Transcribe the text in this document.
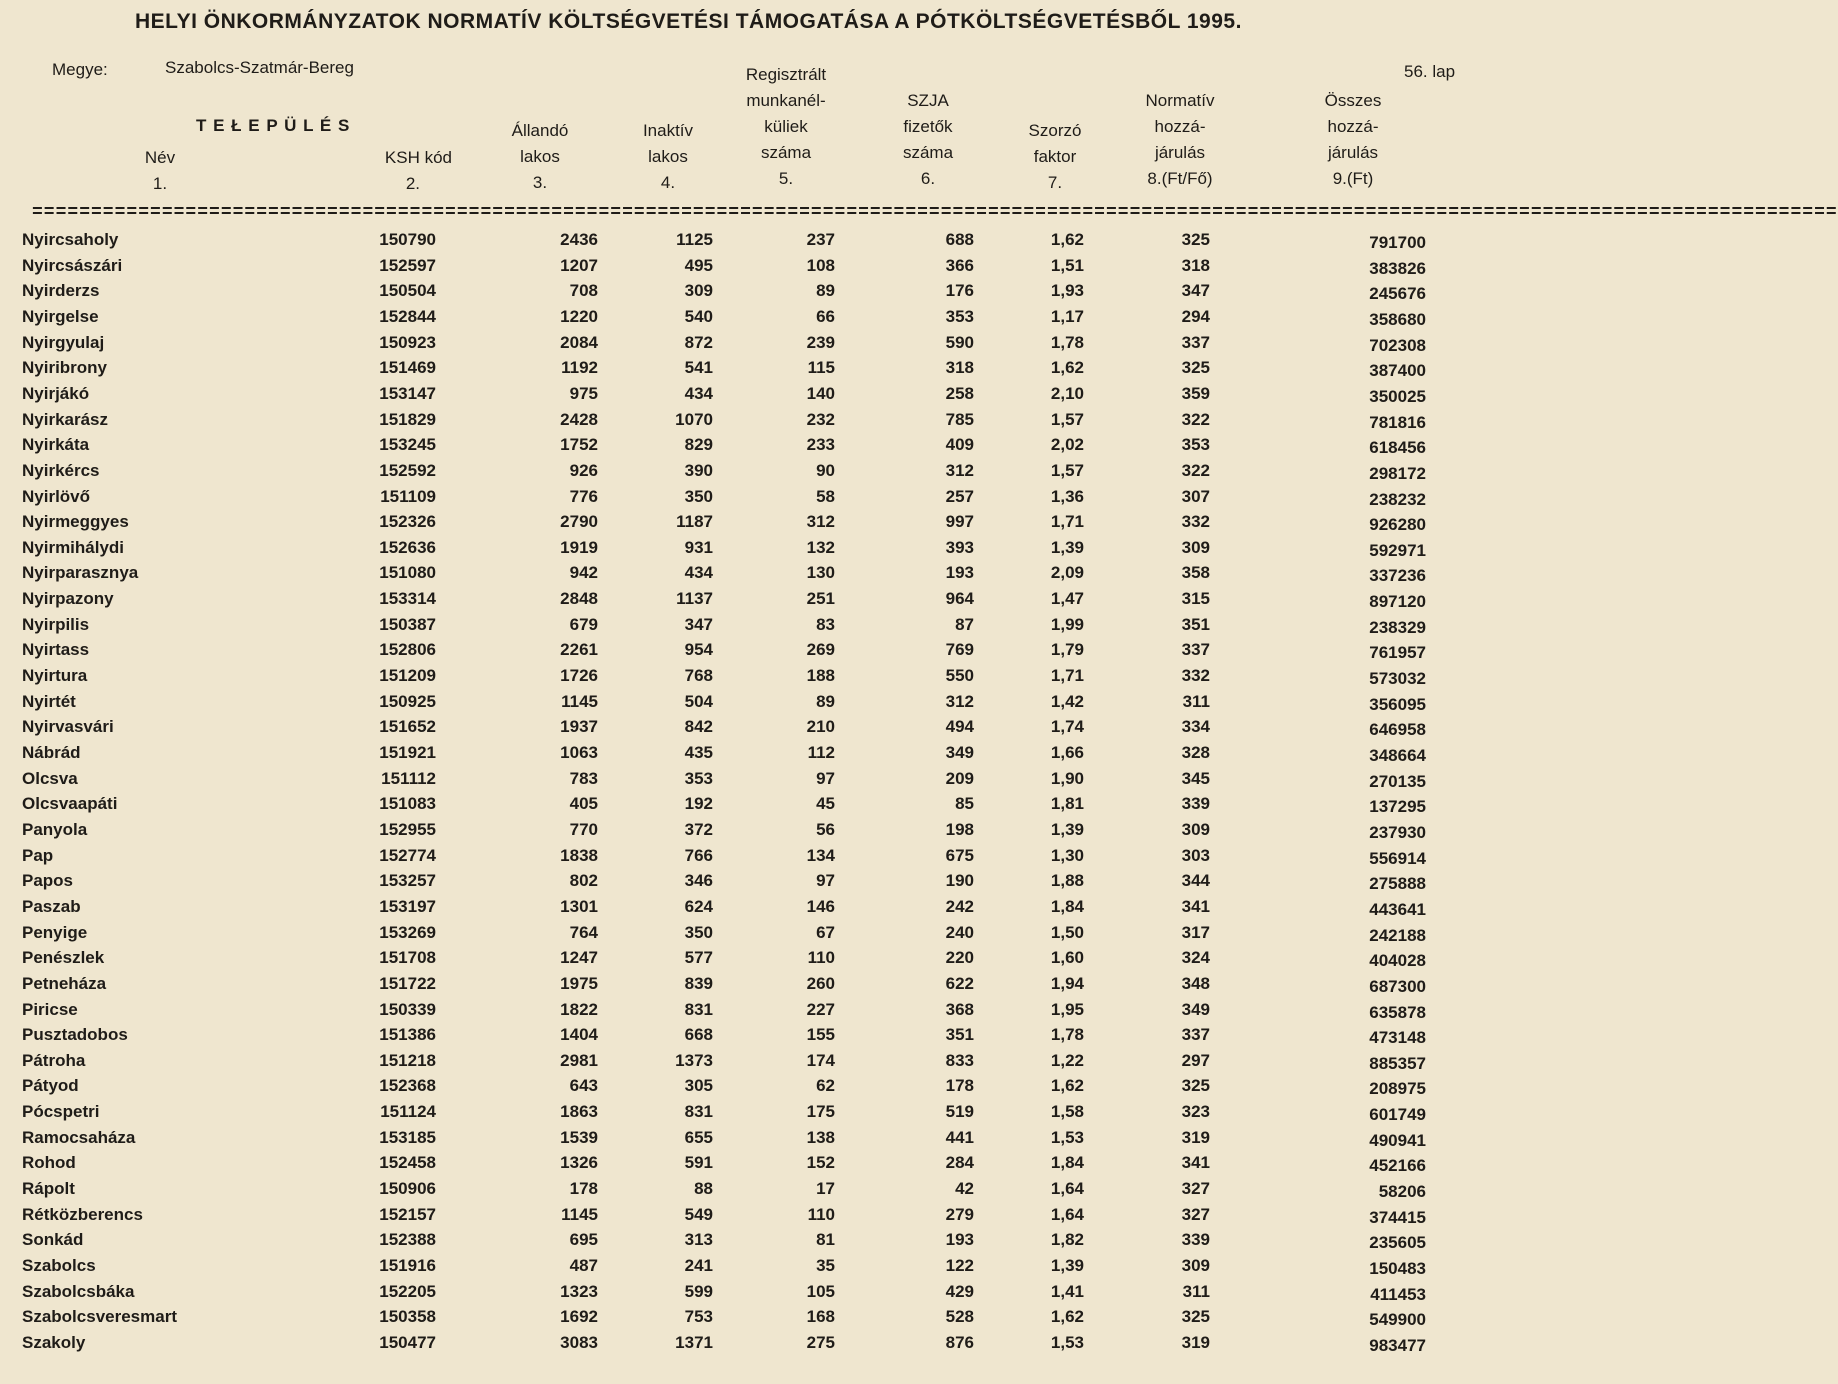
HELYI ÖNKORMÁNYZATOK NORMATÍV KÖLTSÉGVETÉSI TÁMOGATÁSA A PÓTKÖLTSÉGVETÉSBŐL 1995.
Megye:	Szabolcs-Szatmár-Bereg	56. lap
T E Ł E P Ü L É S
Név
1.
KSH kód
2.
Állandó
lakos
3.
Inaktív
lakos
4.
Regisztrált
munkanél-
küliek
száma
5.
SZJA
fizetők
száma
6.
Szorzó
faktor
7.
Normatív
hozzá-
járulás
8.(Ft/Fő)
Összes
hozzá-
járulás
9.(Ft)
=========================================================================================================================================================
Nyircsaholy	150790	2436	1125	237	688	1,62	325	791700
Nyircsászári	152597	1207	495	108	366	1,51	318	383826
Nyirderzs	150504	708	309	89	176	1,93	347	245676
Nyirgelse	152844	1220	540	66	353	1,17	294	358680
Nyirgyulaj	150923	2084	872	239	590	1,78	337	702308
Nyiribrony	151469	1192	541	115	318	1,62	325	387400
Nyirjákó	153147	975	434	140	258	2,10	359	350025
Nyirkarász	151829	2428	1070	232	785	1,57	322	781816
Nyirkáta	153245	1752	829	233	409	2,02	353	618456
Nyirkércs	152592	926	390	90	312	1,57	322	298172
Nyirlövő	151109	776	350	58	257	1,36	307	238232
Nyirmeggyes	152326	2790	1187	312	997	1,71	332	926280
Nyirmihálydi	152636	1919	931	132	393	1,39	309	592971
Nyirparasznya	151080	942	434	130	193	2,09	358	337236
Nyirpazony	153314	2848	1137	251	964	1,47	315	897120
Nyirpilis	150387	679	347	83	87	1,99	351	238329
Nyirtass	152806	2261	954	269	769	1,79	337	761957
Nyirtura	151209	1726	768	188	550	1,71	332	573032
Nyirtét	150925	1145	504	89	312	1,42	311	356095
Nyirvasvári	151652	1937	842	210	494	1,74	334	646958
Nábrád	151921	1063	435	112	349	1,66	328	348664
Olcsva	151112	783	353	97	209	1,90	345	270135
Olcsvaapáti	151083	405	192	45	85	1,81	339	137295
Panyola	152955	770	372	56	198	1,39	309	237930
Pap	152774	1838	766	134	675	1,30	303	556914
Papos	153257	802	346	97	190	1,88	344	275888
Paszab	153197	1301	624	146	242	1,84	341	443641
Penyige	153269	764	350	67	240	1,50	317	242188
Penészlek	151708	1247	577	110	220	1,60	324	404028
Petneháza	151722	1975	839	260	622	1,94	348	687300
Piricse	150339	1822	831	227	368	1,95	349	635878
Pusztadobos	151386	1404	668	155	351	1,78	337	473148
Pátroha	151218	2981	1373	174	833	1,22	297	885357
Pátyod	152368	643	305	62	178	1,62	325	208975
Pócspetri	151124	1863	831	175	519	1,58	323	601749
Ramocsaháza	153185	1539	655	138	441	1,53	319	490941
Rohod	152458	1326	591	152	284	1,84	341	452166
Rápolt	150906	178	88	17	42	1,64	327	58206
Rétközberencs	152157	1145	549	110	279	1,64	327	374415
Sonkád	152388	695	313	81	193	1,82	339	235605
Szabolcs	151916	487	241	35	122	1,39	309	150483
Szabolcsbáka	152205	1323	599	105	429	1,41	311	411453
Szabolcsveresmart	150358	1692	753	168	528	1,62	325	549900
Szakoly	150477	3083	1371	275	876	1,53	319	983477
